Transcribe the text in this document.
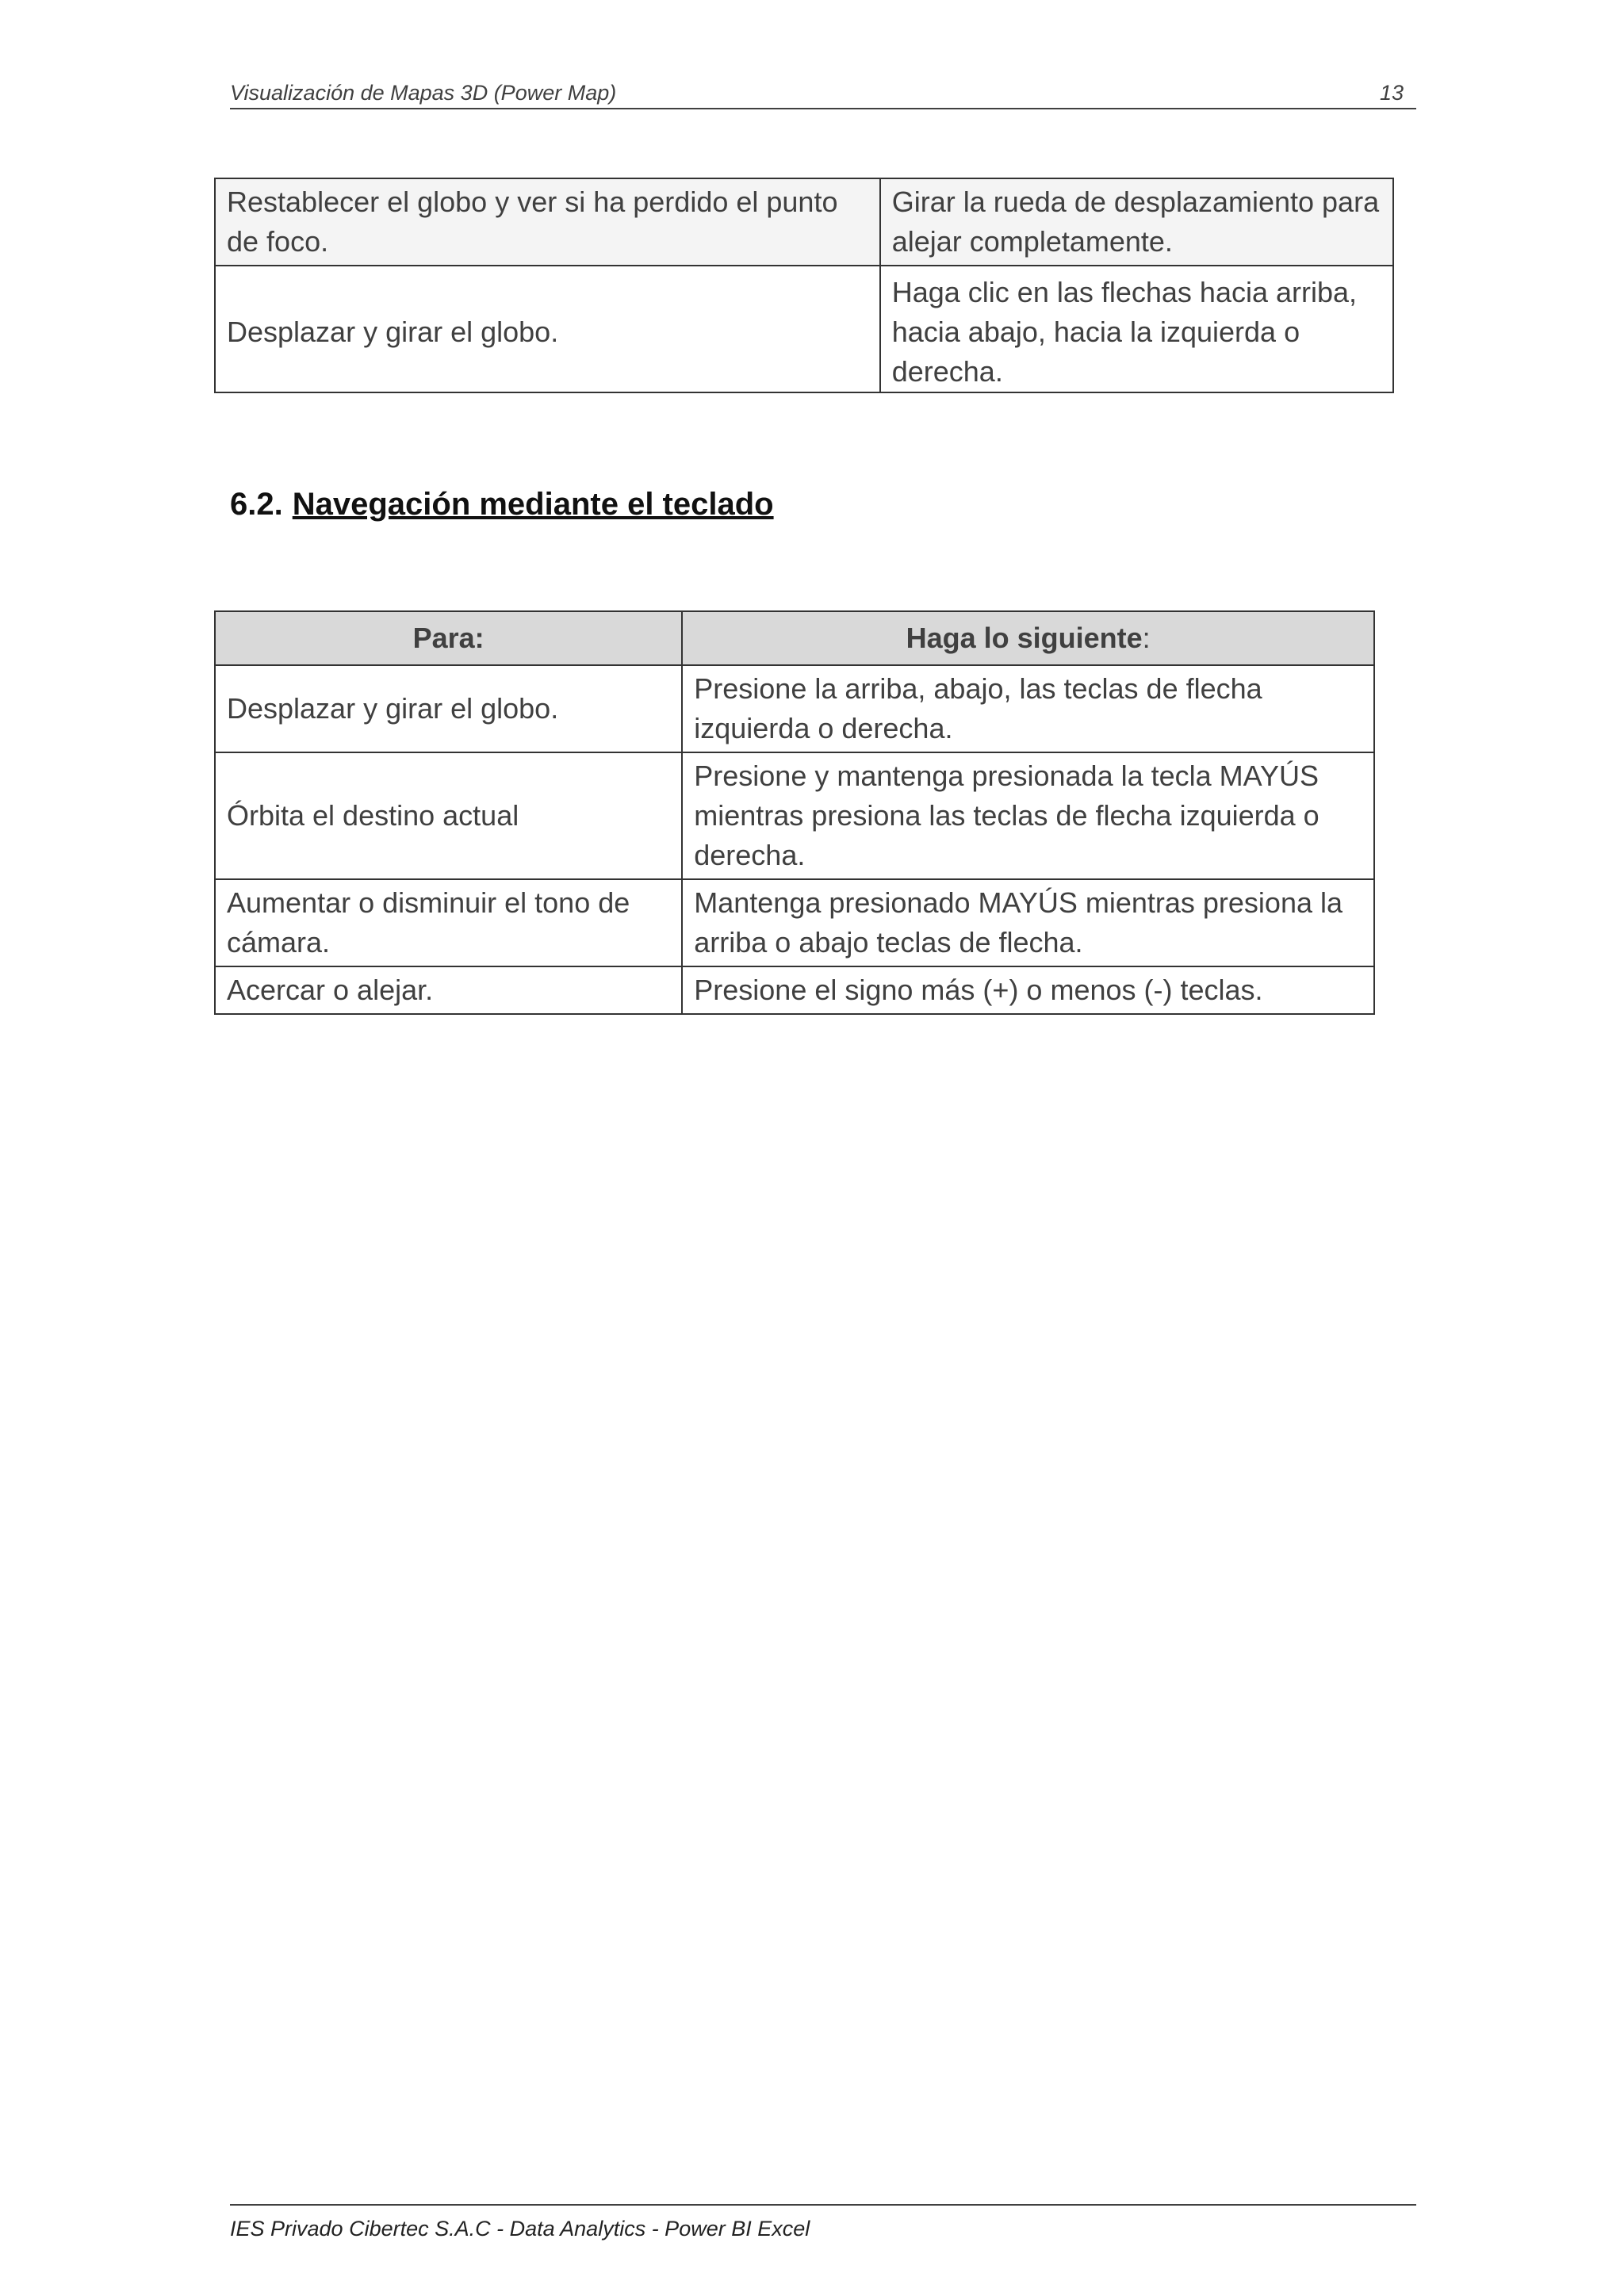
Visualización de Mapas 3D (Power Map)	13
Restablecer el globo y ver si ha perdido el punto de foco.	Girar la rueda de desplazamiento para alejar completamente.
Desplazar y girar el globo.	Haga clic en las flechas hacia arriba, hacia abajo, hacia la izquierda o derecha.
6.2. Navegación mediante el teclado
Para:	Haga lo siguiente:
Desplazar y girar el globo.	Presione la arriba, abajo, las teclas de flecha izquierda o derecha.
Órbita el destino actual	Presione y mantenga presionada la tecla MAYÚS mientras presiona las teclas de flecha izquierda o derecha.
Aumentar o disminuir el tono de cámara.	Mantenga presionado MAYÚS mientras presiona la arriba o abajo teclas de flecha.
Acercar o alejar.	Presione el signo más (+) o menos (-) teclas.
IES Privado Cibertec S.A.C - Data Analytics - Power BI Excel
